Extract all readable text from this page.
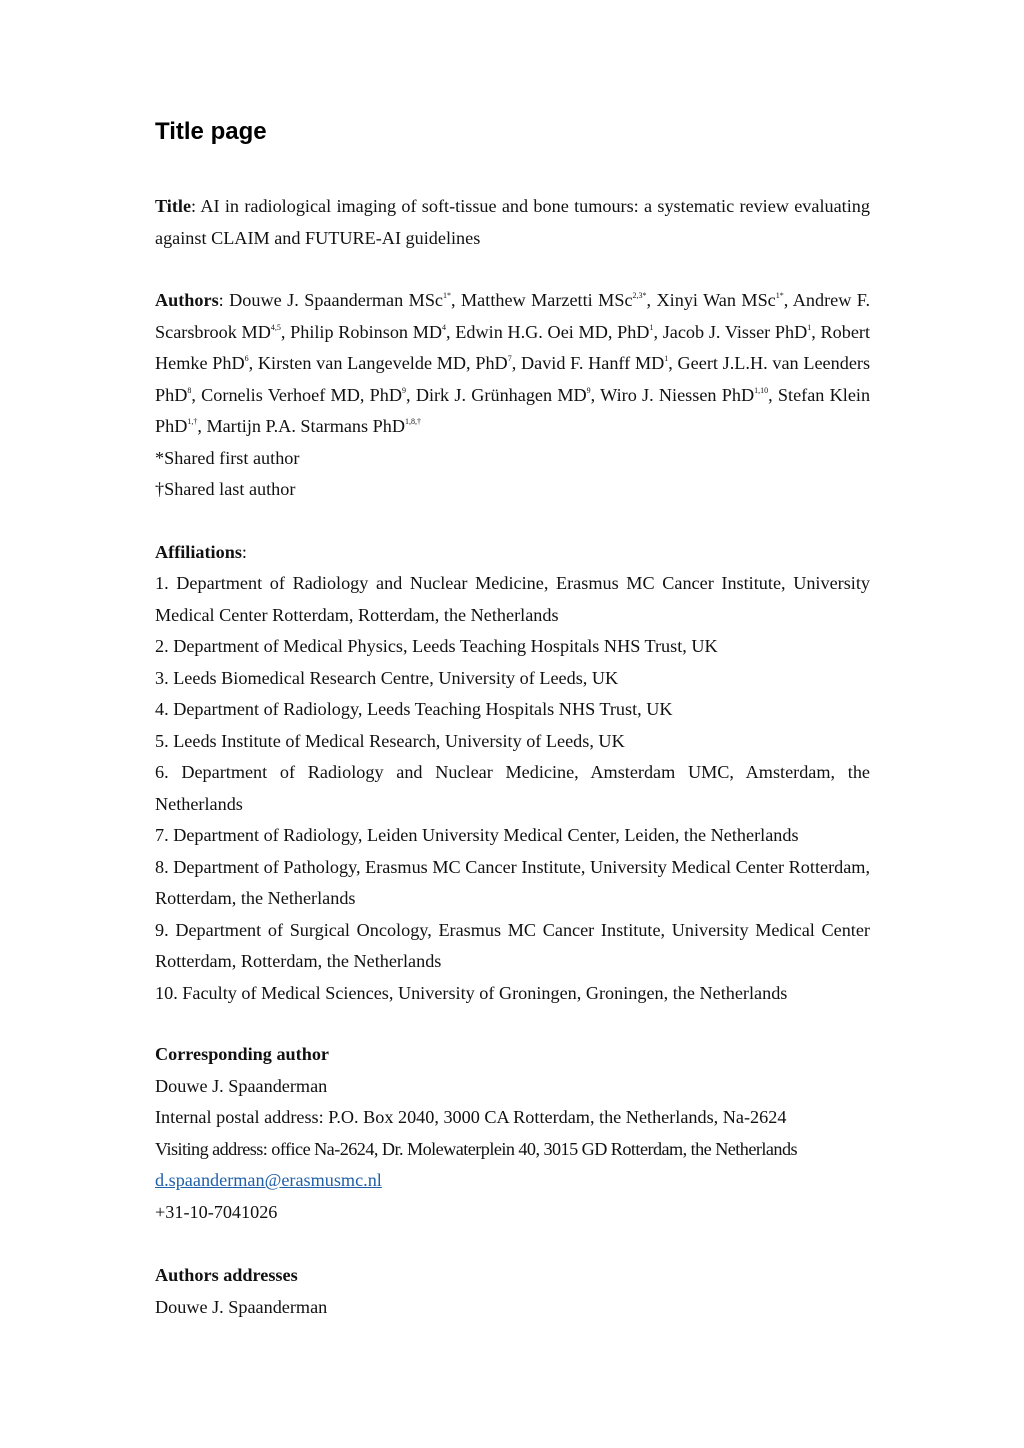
Title page
Title: AI in radiological imaging of soft-tissue and bone tumours: a systematic review evaluating against CLAIM and FUTURE-AI guidelines
Authors: Douwe J. Spaanderman MSc$^{1*}$, Matthew Marzetti MSc$^{2,3*}$, Xinyi Wan MSc$^{1*}$, Andrew F. Scarsbrook MD$^{4,5}$, Philip Robinson $MD^4$, Edwin H.G. Oei MD, PhD$^1$, Jacob J. Visser PhD$^1$, Robert Hemke PhD$^6$, Kirsten van Langevelde MD, PhD$^7$, David F. Hanff $MD^1$, Geert J.L.H. van Leenders PhD$^8$, Cornelis Verhoef MD, PhD$^9$, Dirk J. Grünhagen $MD^9$, Wiro J. Niessen PhD$^{1,10}$, Stefan Klein PhD$^{1,\dagger}$, Martijn P.A. Starmans PhD$^{1,8,\dagger}$
*Shared first author
†Shared last author
Affiliations:
1. Department of Radiology and Nuclear Medicine, Erasmus MC Cancer Institute, University Medical Center Rotterdam, Rotterdam, the Netherlands
2. Department of Medical Physics, Leeds Teaching Hospitals NHS Trust, UK
3. Leeds Biomedical Research Centre, University of Leeds, UK
4. Department of Radiology, Leeds Teaching Hospitals NHS Trust, UK
5. Leeds Institute of Medical Research, University of Leeds, UK
6. Department of Radiology and Nuclear Medicine, Amsterdam UMC, Amsterdam, the Netherlands
7. Department of Radiology, Leiden University Medical Center, Leiden, the Netherlands
8. Department of Pathology, Erasmus MC Cancer Institute, University Medical Center Rotterdam, Rotterdam, the Netherlands
9. Department of Surgical Oncology, Erasmus MC Cancer Institute, University Medical Center Rotterdam, Rotterdam, the Netherlands
10. Faculty of Medical Sciences, University of Groningen, Groningen, the Netherlands
Corresponding author
Douwe J. Spaanderman
Internal postal address: P.O. Box 2040, 3000 CA Rotterdam, the Netherlands, Na-2624
Visiting address: office Na-2624, Dr. Molewaterplein 40, 3015 GD Rotterdam, the Netherlands
d.spaanderman@erasmusmc.nl
+31-10-7041026
Authors addresses
Douwe J. Spaanderman
